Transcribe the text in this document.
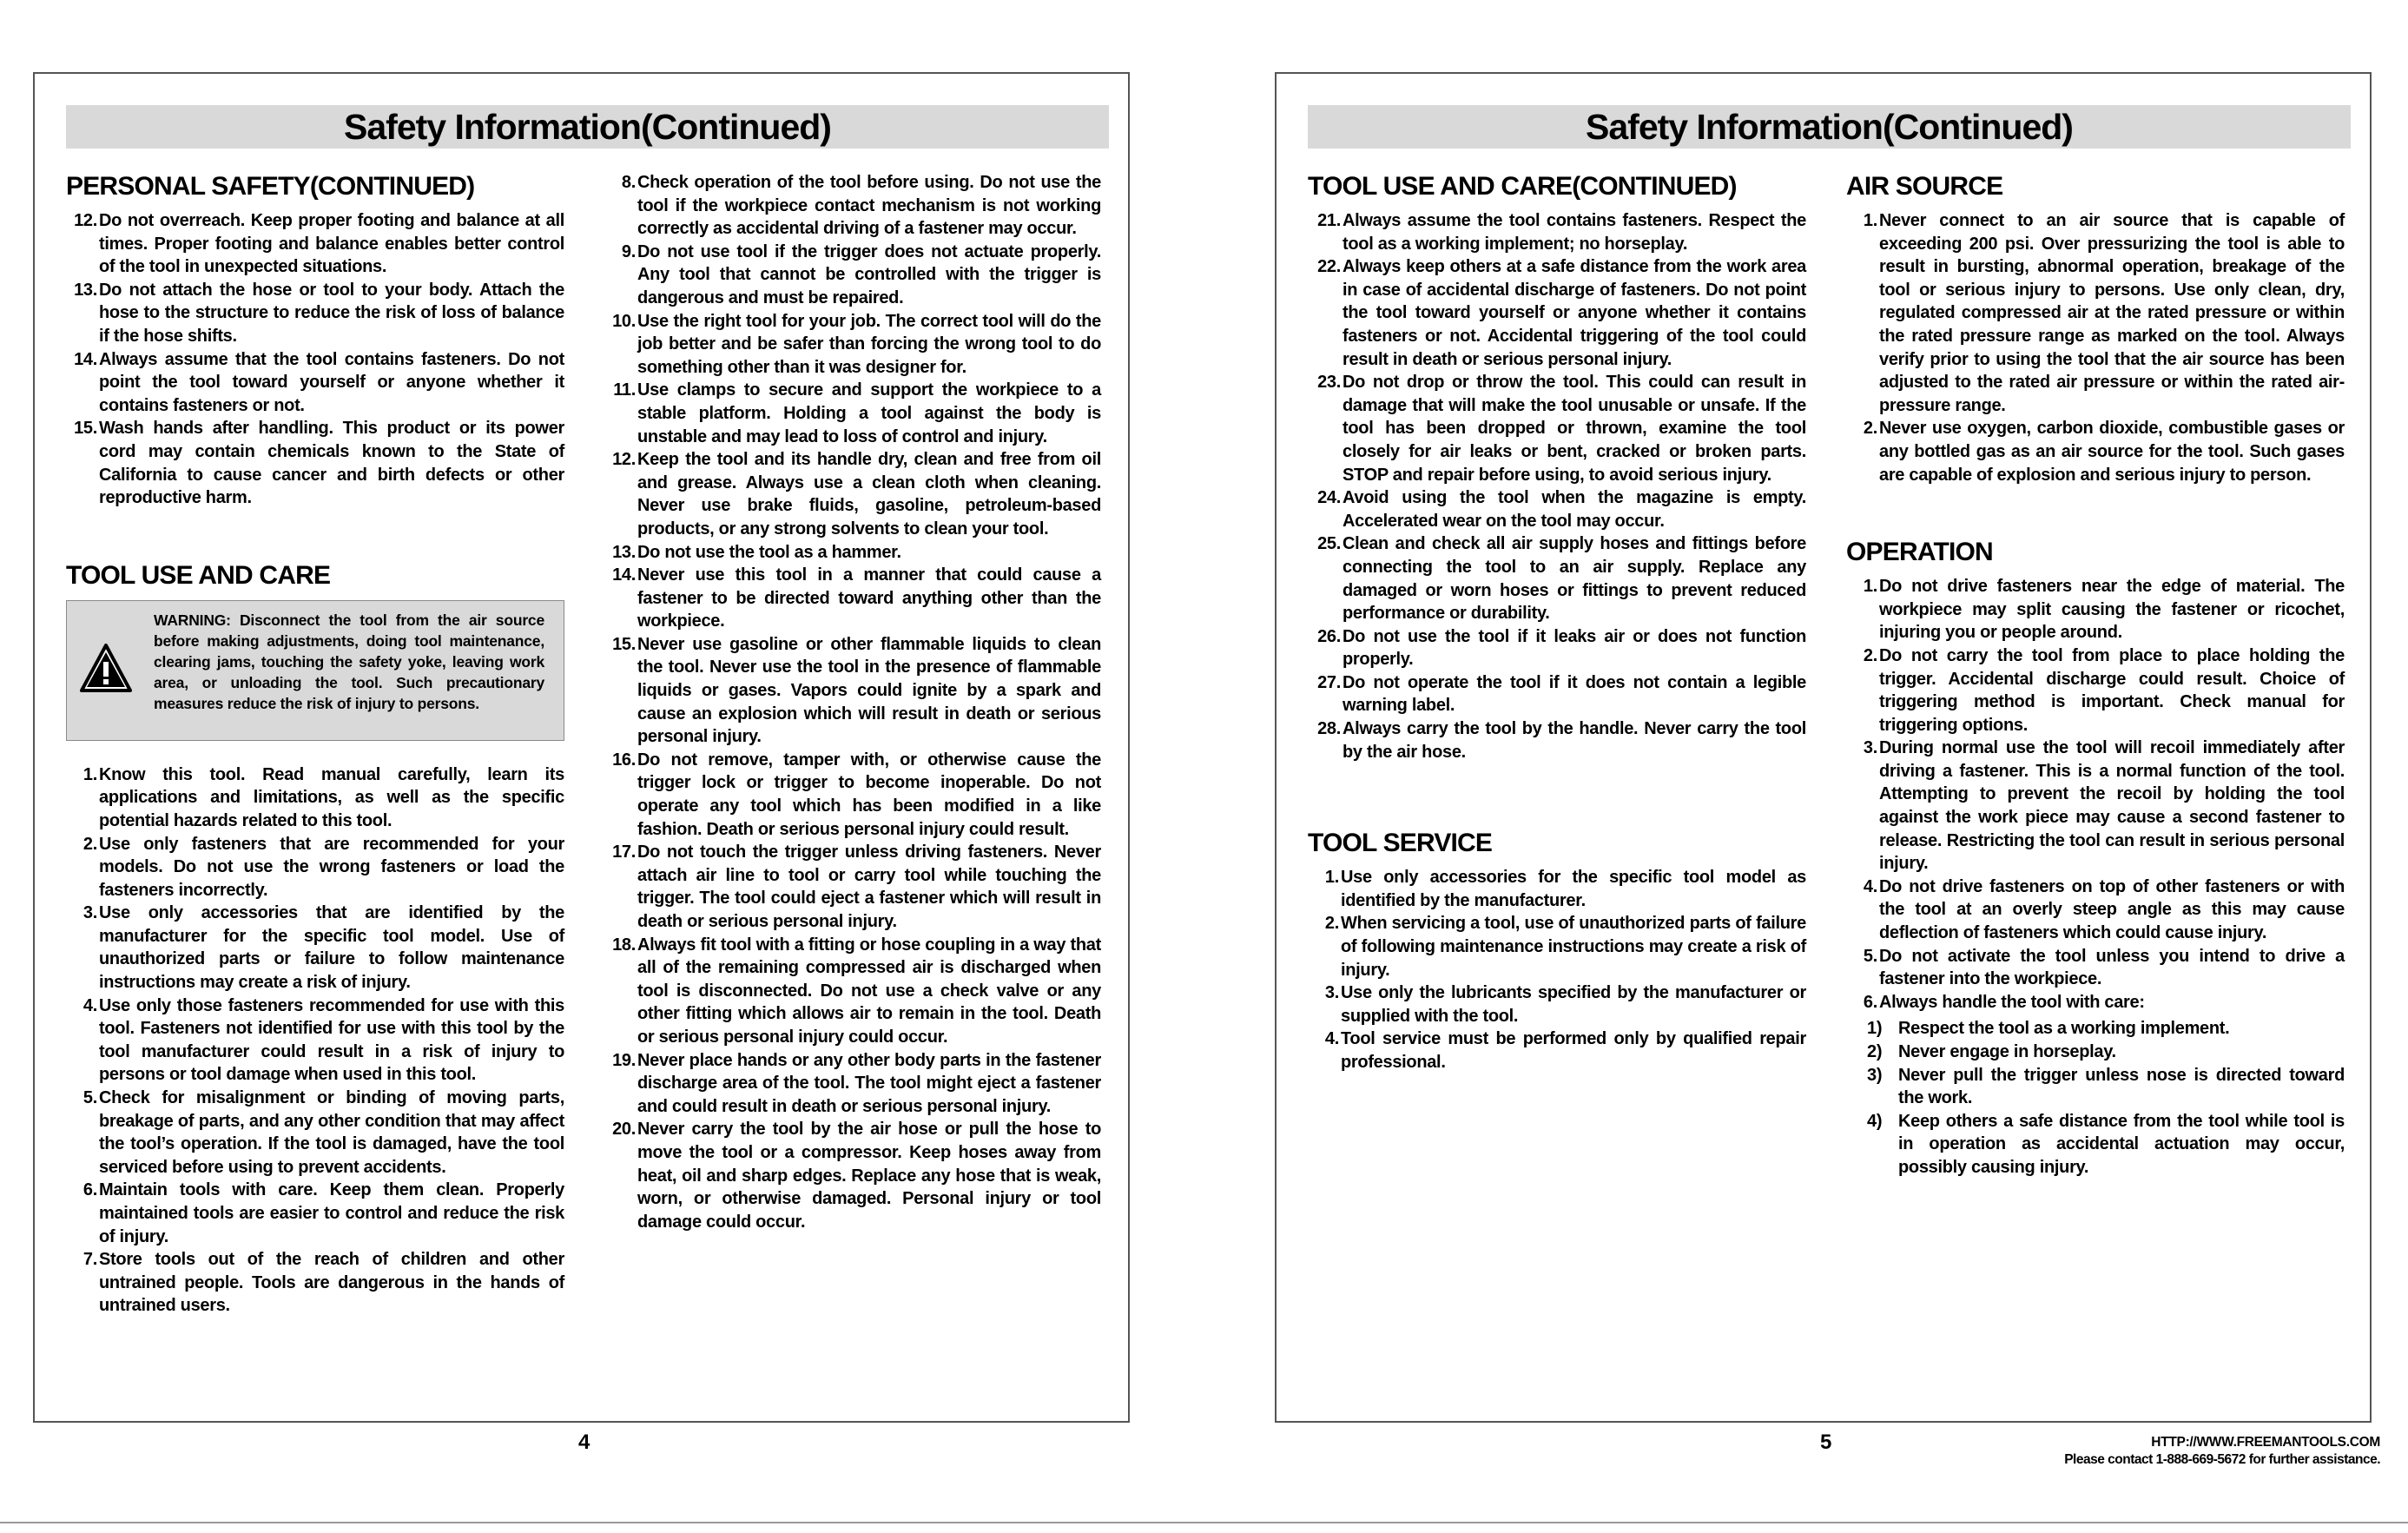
Safety Information(Continued)
PERSONAL SAFETY(CONTINUED)
12. Do not overreach. Keep proper footing and balance at all times. Proper footing and balance enables better control of the tool in unexpected situations.
13. Do not attach the hose or tool to your body. Attach the hose to the structure to reduce the risk of loss of balance if the hose shifts.
14. Always assume that the tool contains fasteners. Do not point the tool toward yourself or anyone whether it contains fasteners or not.
15. Wash hands after handling. This product or its power cord may contain chemicals known to the State of California to cause cancer and birth defects or other reproductive harm.
TOOL USE AND CARE
WARNING: Disconnect the tool from the air source before making adjustments, doing tool maintenance, clearing jams, touching the safety yoke, leaving work area, or unloading the tool. Such precautionary measures reduce the risk of injury to persons.
1. Know this tool. Read manual carefully, learn its applications and limitations, as well as the specific potential hazards related to this tool.
2. Use only fasteners that are recommended for your models. Do not use the wrong fasteners or load the fasteners incorrectly.
3. Use only accessories that are identified by the manufacturer for the specific tool model. Use of unauthorized parts or failure to follow maintenance instructions may create a risk of injury.
4. Use only those fasteners recommended for use with this tool. Fasteners not identified for use with this tool by the tool manufacturer could result in a risk of injury to persons or tool damage when used in this tool.
5. Check for misalignment or binding of moving parts, breakage of parts, and any other condition that may affect the tool’s operation. If the tool is damaged, have the tool serviced before using to prevent accidents.
6. Maintain tools with care. Keep them clean. Properly maintained tools are easier to control and reduce the risk of injury.
7. Store tools out of the reach of children and other untrained people. Tools are dangerous in the hands of untrained users.
8. Check operation of the tool before using. Do not use the tool if the workpiece contact mechanism is not working correctly as accidental driving of a fastener may occur.
9. Do not use tool if the trigger does not actuate properly. Any tool that cannot be controlled with the trigger is dangerous and must be repaired.
10. Use the right tool for your job. The correct tool will do the job better and be safer than forcing the wrong tool to do something other than it was designer for.
11. Use clamps to secure and support the workpiece to a stable platform. Holding a tool against the body is unstable and may lead to loss of control and injury.
12. Keep the tool and its handle dry, clean and free from oil and grease. Always use a clean cloth when cleaning. Never use brake fluids, gasoline, petroleum-based products, or any strong solvents to clean your tool.
13. Do not use the tool as a hammer.
14. Never use this tool in a manner that could cause a fastener to be directed toward anything other than the workpiece.
15. Never use gasoline or other flammable liquids to clean the tool. Never use the tool in the presence of flammable liquids or gases. Vapors could ignite by a spark and cause an explosion which will result in death or serious personal injury.
16. Do not remove, tamper with, or otherwise cause the trigger lock or trigger to become inoperable. Do not operate any tool which has been modified in a like fashion. Death or serious personal injury could result.
17. Do not touch the trigger unless driving fasteners. Never attach air line to tool or carry tool while touching the trigger. The tool could eject a fastener which will result in death or serious personal injury.
18. Always fit tool with a fitting or hose coupling in a way that all of the remaining compressed air is discharged when tool is disconnected. Do not use a check valve or any other fitting which allows air to remain in the tool. Death or serious personal injury could occur.
19. Never place hands or any other body parts in the fastener discharge area of the tool. The tool might eject a fastener and could result in death or serious personal injury.
20. Never carry the tool by the air hose or pull the hose to move the tool or a compressor. Keep hoses away from heat, oil and sharp edges. Replace any hose that is weak, worn, or otherwise damaged. Personal injury or tool damage could occur.
4
Safety Information(Continued)
TOOL USE AND CARE(CONTINUED)
21. Always assume the tool contains fasteners. Respect the tool as a working implement; no horseplay.
22. Always keep others at a safe distance from the work area in case of accidental discharge of fasteners. Do not point the tool toward yourself or anyone whether it contains fasteners or not. Accidental triggering of the tool could result in death or serious personal injury.
23. Do not drop or throw the tool. This could can result in damage that will make the tool unusable or unsafe. If the tool has been dropped or thrown, examine the tool closely for air leaks or bent, cracked or broken parts. STOP and repair before using, to avoid serious injury.
24. Avoid using the tool when the magazine is empty. Accelerated wear on the tool may occur.
25. Clean and check all air supply hoses and fittings before connecting the tool to an air supply. Replace any damaged or worn hoses or fittings to prevent reduced performance or durability.
26. Do not use the tool if it leaks air or does not function properly.
27. Do not operate the tool if it does not contain a legible warning label.
28. Always carry the tool by the handle. Never carry the tool by the air hose.
TOOL SERVICE
1. Use only accessories for the specific tool model as identified by the manufacturer.
2. When servicing a tool, use of unauthorized parts of failure of following maintenance instructions may create a risk of injury.
3. Use only the lubricants specified by the manufacturer or supplied with the tool.
4. Tool service must be performed only by qualified repair professional.
AIR SOURCE
1. Never connect to an air source that is capable of exceeding 200 psi. Over pressurizing the tool is able to result in bursting, abnormal operation, breakage of the tool or serious injury to persons. Use only clean, dry, regulated compressed air at the rated pressure or within the rated pressure range as marked on the tool. Always verify prior to using the tool that the air source has been adjusted to the rated air pressure or within the rated air-pressure range.
2. Never use oxygen, carbon dioxide, combustible gases or any bottled gas as an air source for the tool. Such gases are capable of explosion and serious injury to person.
OPERATION
1. Do not drive fasteners near the edge of material. The workpiece may split causing the fastener or ricochet, injuring you or people around.
2. Do not carry the tool from place to place holding the trigger. Accidental discharge could result. Choice of triggering method is important. Check manual for triggering options.
3. During normal use the tool will recoil immediately after driving a fastener. This is a normal function of the tool. Attempting to prevent the recoil by holding the tool against the work piece may cause a second fastener to release. Restricting the tool can result in serious personal injury.
4. Do not drive fasteners on top of other fasteners or with the tool at an overly steep angle as this may cause deflection of fasteners which could cause injury.
5. Do not activate the tool unless you intend to drive a fastener into the workpiece.
6. Always handle the tool with care:
1) Respect the tool as a working implement.
2) Never engage in horseplay.
3) Never pull the trigger unless nose is directed toward the work.
4) Keep others a safe distance from the tool while tool is in operation as accidental actuation may occur, possibly causing injury.
5	HTTP://WWW.FREEMANTOOLS.COM
Please contact 1-888-669-5672 for further assistance.
